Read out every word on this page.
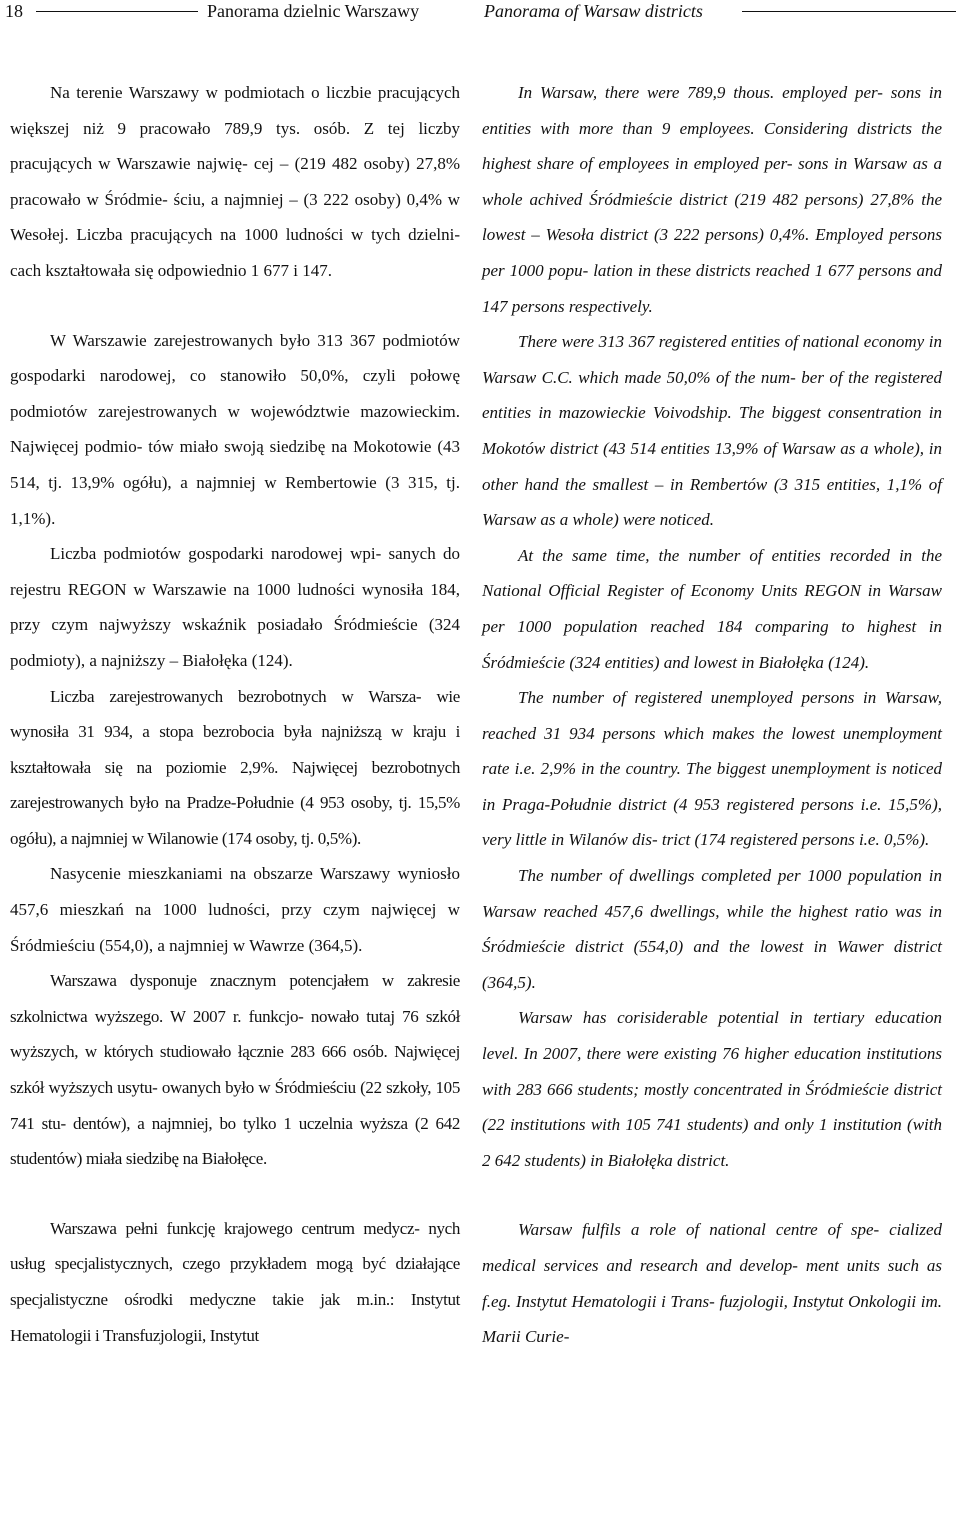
18	Panorama dzielnic Warszawy	Panorama of Warsaw districts

Na terenie Warszawy w podmiotach o liczbie pracujących większej niż 9 pracowało 789,9 tys. osób. Z tej liczby pracujących w Warszawie najwię- cej – (219 482 osoby) 27,8% pracowało w Śródmie- ściu, a najmniej – (3 222 osoby) 0,4% w Wesołej. Liczba pracujących na 1000 ludności w tych dzielni- cach kształtowała się odpowiednio 1 677 i 147.

W Warszawie zarejestrowanych było 313 367 podmiotów gospodarki narodowej, co stanowiło 50,0%, czyli połowę podmiotów zarejestrowanych w województwie mazowieckim. Najwięcej podmio- tów miało swoją siedzibę na Mokotowie (43 514, tj. 13,9% ogółu), a najmniej w Rembertowie (3 315, tj. 1,1%).

Liczba podmiotów gospodarki narodowej wpi- sanych do rejestru REGON w Warszawie na 1000 ludności wynosiła 184, przy czym najwyższy wskaźnik posiadało Śródmieście (324 podmioty), a najniższy – Białołęka (124).

Liczba zarejestrowanych bezrobotnych w Warsza- wie wynosiła 31 934, a stopa bezrobocia była najniższą w kraju i kształtowała się na poziomie 2,9%. Najwięcej bezrobotnych zarejestrowanych było na Pradze-Południe (4 953 osoby, tj. 15,5% ogółu), a najmniej w Wilanowie (174 osoby, tj. 0,5%).

Nasycenie mieszkaniami na obszarze Warszawy wyniosło 457,6 mieszkań na 1000 ludności, przy czym najwięcej w Śródmieściu (554,0), a najmniej w Wawrze (364,5).

Warszawa dysponuje znacznym potencjałem w zakresie szkolnictwa wyższego. W 2007 r. funkcjo- nowało tutaj 76 szkół wyższych, w których studiowało łącznie 283 666 osób. Najwięcej szkół wyższych usytu- owanych było w Śródmieściu (22 szkoły, 105 741 stu- dentów), a najmniej, bo tylko 1 uczelnia wyższa (2 642 studentów) miała siedzibę na Białołęce.

Warszawa pełni funkcję krajowego centrum medycz- nych usług specjalistycznych, czego przykładem mogą być działające specjalistyczne ośrodki medyczne takie jak m.in.: Instytut Hematologii i Transfuzjologii, Instytut

In Warsaw, there were 789,9 thous. employed per- sons in entities with more than 9 employees. Considering districts the highest share of employees in employed per- sons in Warsaw as a whole achived Śródmieście district (219 482 persons) 27,8% the lowest – Wesoła district (3 222 persons) 0,4%. Employed persons per 1000 popu- lation in these districts reached 1 677 persons and 147 persons respectively.

There were 313 367 registered entities of national economy in Warsaw C.C. which made 50,0% of the num- ber of the registered entities in mazowieckie Voivodship. The biggest consentration in Mokotów district (43 514 entities 13,9% of Warsaw as a whole), in other hand the smallest – in Rembertów (3 315 entities, 1,1% of Warsaw as a whole) were noticed.

At the same time, the number of entities recorded in the National Official Register of Economy Units REGON in Warsaw per 1000 population reached 184 comparing to highest in Śródmieście (324 entities) and lowest in Białołęka (124).

The number of registered unemployed persons in Warsaw, reached 31 934 persons which makes the lowest unemployment rate i.e. 2,9% in the country. The biggest unemployment is noticed in Praga-Południe district (4 953 registered persons i.e. 15,5%), very little in Wilanów dis- trict (174 registered persons i.e. 0,5%).

The number of dwellings completed per 1000 population in Warsaw reached 457,6 dwellings, while the highest ratio was in Śródmieście district (554,0) and the lowest in Wawer district (364,5).

Warsaw has corisiderable potential in tertiary education level. In 2007, there were existing 76 higher education institutions with 283 666 students; mostly concentrated in Śródmieście district (22 institutions with 105 741 students) and only 1 institution (with 2 642 students) in Białołęka district.

Warsaw fulfils a role of national centre of spe- cialized medical services and research and develop- ment units such as f.eg. Instytut Hematologii i Trans- fuzjologii, Instytut Onkologii im. Marii Curie-
